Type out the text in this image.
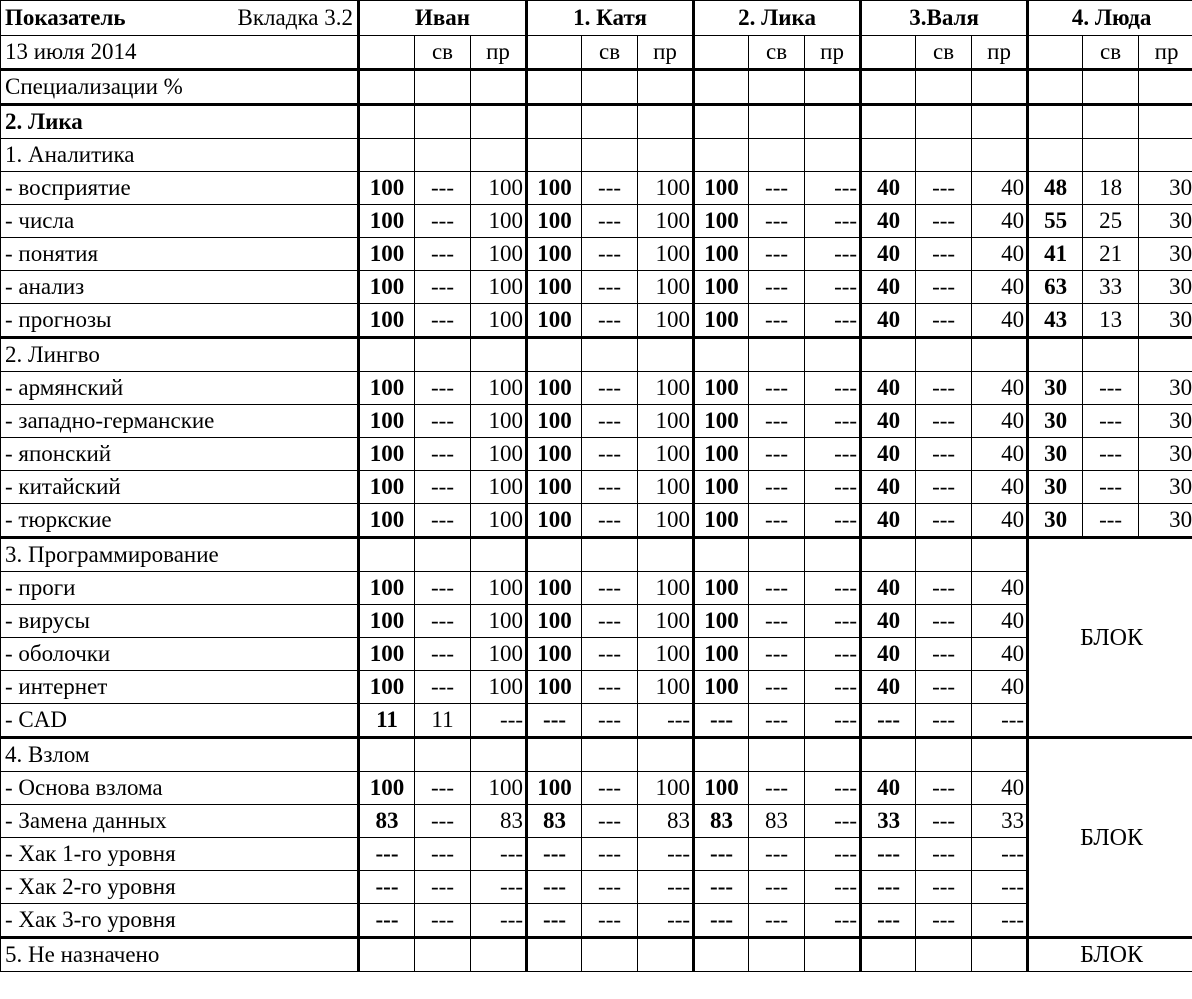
Показатель Вкладка 3.2	Иван			1. Катя			2. Лика			3.Валя			4. Люда		
13 июля 2014		св	пр		св	пр		св	пр		св	пр		св	пр
Специализации %															
2. Лика															
1. Аналитика															
- восприятие	100	---	100	100	---	100	100	---	---	40	---	40	48	18	30
- числа	100	---	100	100	---	100	100	---	---	40	---	40	55	25	30
- понятия	100	---	100	100	---	100	100	---	---	40	---	40	41	21	30
- анализ	100	---	100	100	---	100	100	---	---	40	---	40	63	33	30
- прогнозы	100	---	100	100	---	100	100	---	---	40	---	40	43	13	30
2. Лингво															
- армянский	100	---	100	100	---	100	100	---	---	40	---	40	30	---	30
- западно-германские	100	---	100	100	---	100	100	---	---	40	---	40	30	---	30
- японский	100	---	100	100	---	100	100	---	---	40	---	40	30	---	30
- китайский	100	---	100	100	---	100	100	---	---	40	---	40	30	---	30
- тюркские	100	---	100	100	---	100	100	---	---	40	---	40	30	---	30
3. Программирование													БЛОК		
- проги	100	---	100	100	---	100	100	---	---	40	---	40			
- вирусы	100	---	100	100	---	100	100	---	---	40	---	40			
- оболочки	100	---	100	100	---	100	100	---	---	40	---	40			
- интернет	100	---	100	100	---	100	100	---	---	40	---	40			
- CAD	11	11	---	---	---	---	---	---	---	---	---	---			
4. Взлом													БЛОК		
- Основа взлома	100	---	100	100	---	100	100	---	---	40	---	40			
- Замена данных	83	---	83	83	---	83	83	83	---	33	---	33			
- Хак 1-го уровня	---	---	---	---	---	---	---	---	---	---	---	---			
- Хак 2-го уровня	---	---	---	---	---	---	---	---	---	---	---	---			
- Хак 3-го уровня	---	---	---	---	---	---	---	---	---	---	---	---			
5. Не назначено													БЛОК		
